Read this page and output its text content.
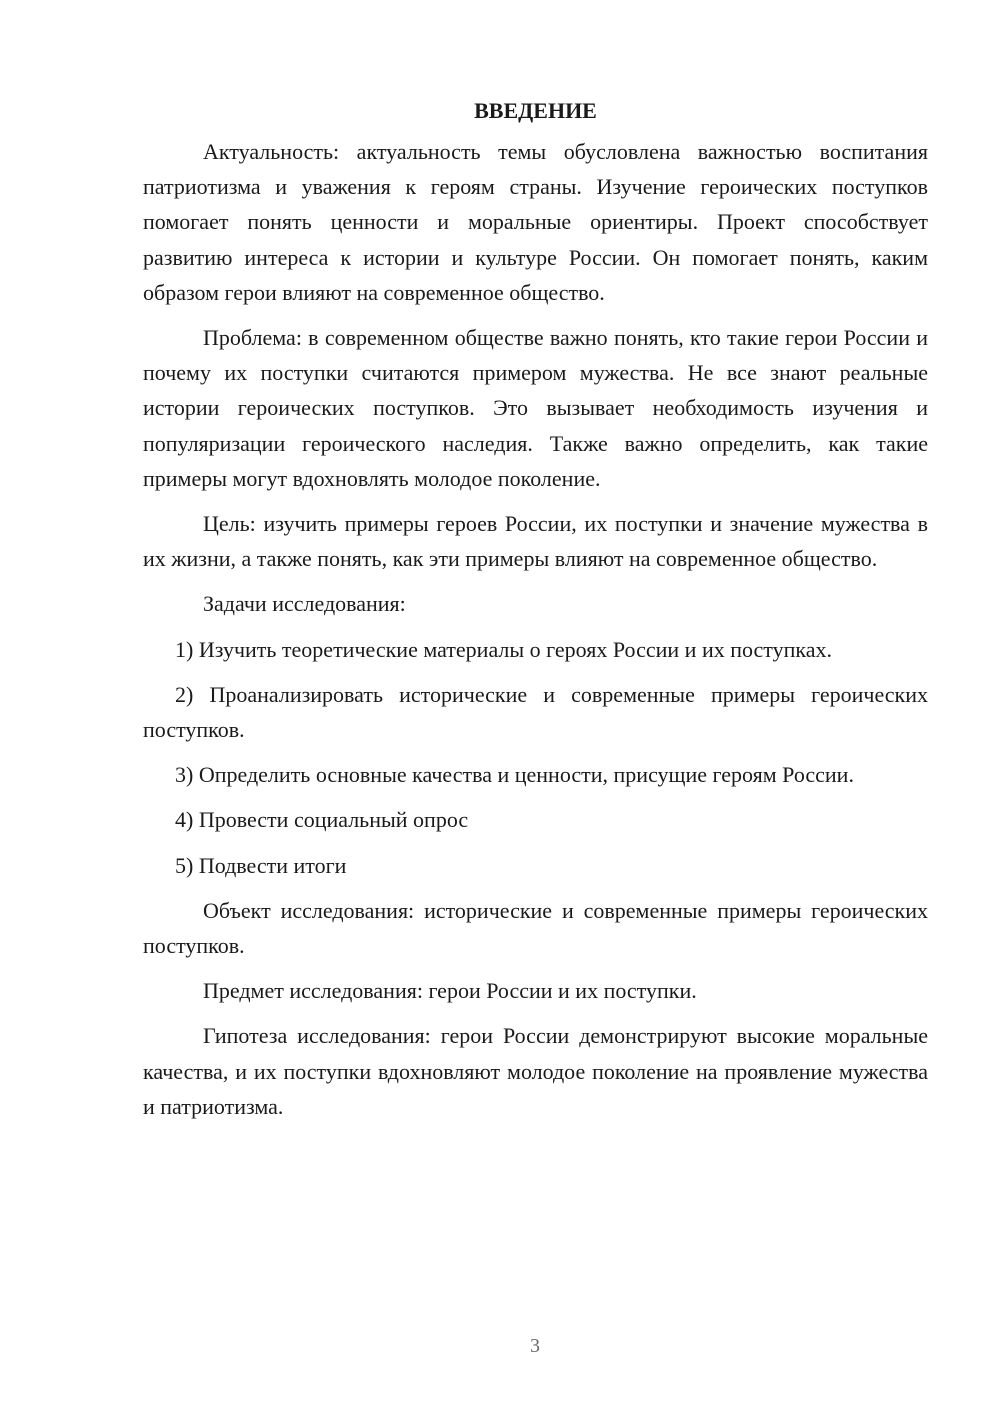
ВВЕДЕНИЕ

Актуальность: актуальность темы обусловлена важностью воспитания патриотизма и уважения к героям страны. Изучение героических поступков помогает понять ценности и моральные ориентиры. Проект способствует развитию интереса к истории и культуре России. Он помогает понять, каким образом герои влияют на современное общество.

Проблема: в современном обществе важно понять, кто такие герои России и почему их поступки считаются примером мужества. Не все знают реальные истории героических поступков. Это вызывает необходимость изучения и популяризации героического наследия. Также важно определить, как такие примеры могут вдохновлять молодое поколение.

Цель: изучить примеры героев России, их поступки и значение мужества в их жизни, а также понять, как эти примеры влияют на современное общество.

Задачи исследования:

1) Изучить теоретические материалы о героях России и их поступках.

2) Проанализировать исторические и современные примеры героических поступков.

3) Определить основные качества и ценности, присущие героям России.

4) Провести социальный опрос

5) Подвести итоги

Объект исследования: исторические и современные примеры героических поступков.

Предмет исследования: герои России и их поступки.

Гипотеза исследования: герои России демонстрируют высокие моральные качества, и их поступки вдохновляют молодое поколение на проявление мужества и патриотизма.

3
